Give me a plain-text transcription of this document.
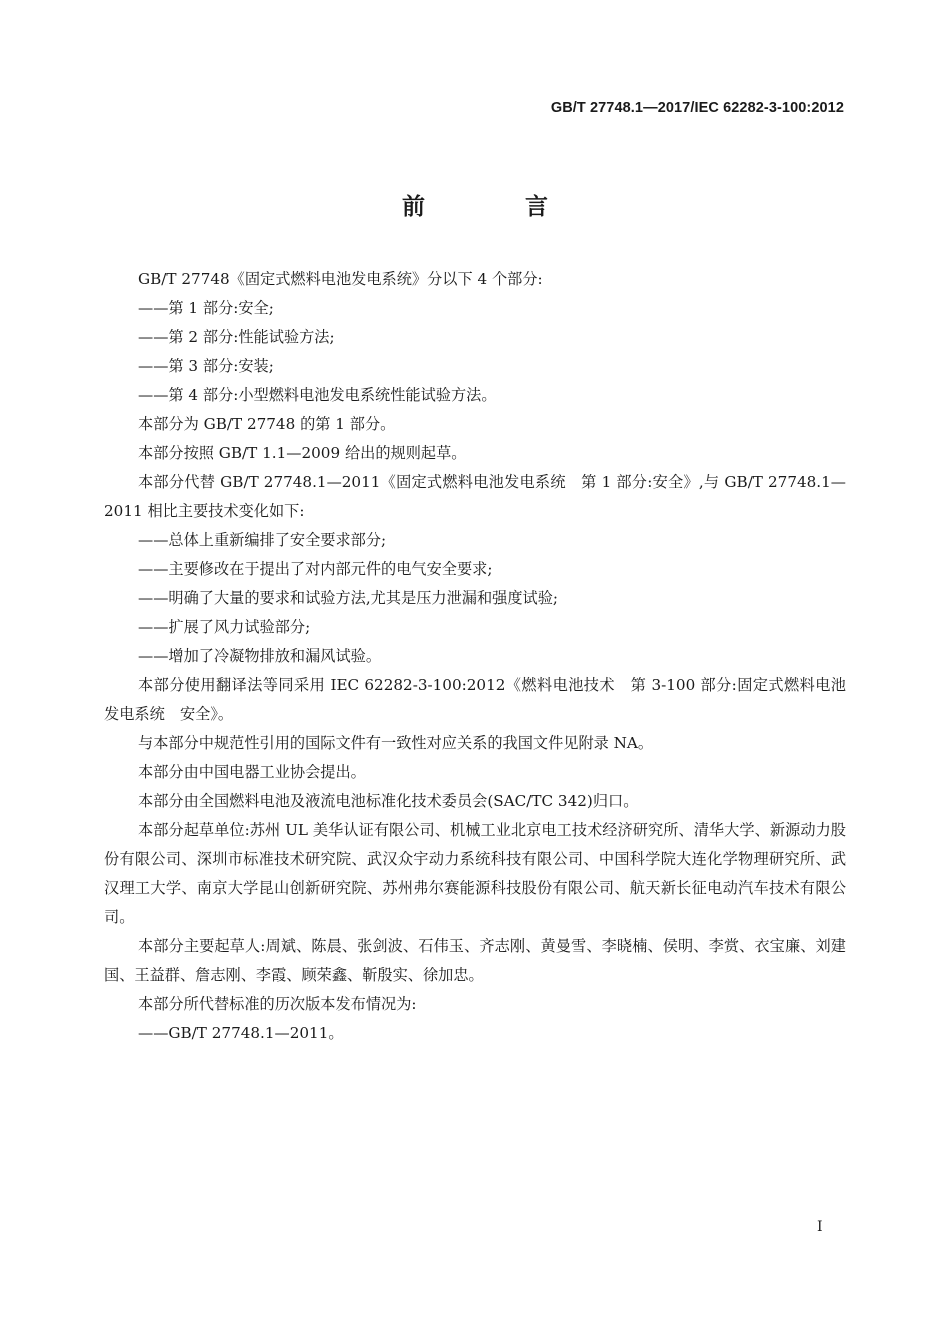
GB/T 27748.1—2017/IEC 62282-3-100:2012
前 言

GB/T 27748《固定式燃料电池发电系统》分以下 4 个部分:

——第 1 部分:安全;

——第 2 部分:性能试验方法;

——第 3 部分:安装;

——第 4 部分:小型燃料电池发电系统性能试验方法。

本部分为 GB/T 27748 的第 1 部分。

本部分按照 GB/T 1.1—2009 给出的规则起草。

本部分代替 GB/T 27748.1—2011《固定式燃料电池发电系统　第 1 部分:安全》,与 GB/T 27748.1—2011 相比主要技术变化如下:

——总体上重新编排了安全要求部分;

——主要修改在于提出了对内部元件的电气安全要求;

——明确了大量的要求和试验方法,尤其是压力泄漏和强度试验;

——扩展了风力试验部分;

——增加了冷凝物排放和漏风试验。

本部分使用翻译法等同采用 IEC 62282-3-100:2012《燃料电池技术　第 3-100 部分:固定式燃料电池发电系统　安全》。

与本部分中规范性引用的国际文件有一致性对应关系的我国文件见附录 NA。

本部分由中国电器工业协会提出。

本部分由全国燃料电池及液流电池标准化技术委员会(SAC/TC 342)归口。

本部分起草单位:苏州 UL 美华认证有限公司、机械工业北京电工技术经济研究所、清华大学、新源动力股份有限公司、深圳市标准技术研究院、武汉众宇动力系统科技有限公司、中国科学院大连化学物理研究所、武汉理工大学、南京大学昆山创新研究院、苏州弗尔赛能源科技股份有限公司、航天新长征电动汽车技术有限公司。

本部分主要起草人:周斌、陈晨、张剑波、石伟玉、齐志刚、黄曼雪、李晓楠、侯明、李赏、衣宝廉、刘建国、王益群、詹志刚、李霞、顾荣鑫、靳殷实、徐加忠。

本部分所代替标准的历次版本发布情况为:

——GB/T 27748.1—2011。

I
